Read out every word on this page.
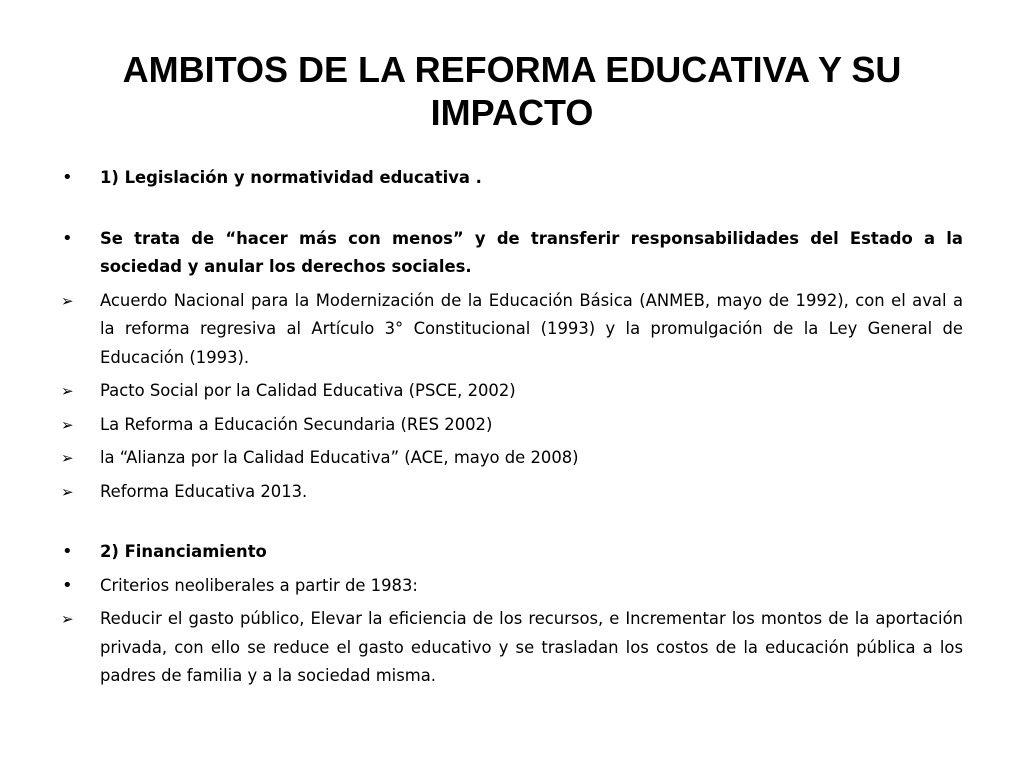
AMBITOS DE LA REFORMA EDUCATIVA Y SU IMPACTO
•	1) Legislación y normatividad educativa .
•	Se trata de “hacer más con menos” y de transferir responsabilidades del Estado a la sociedad y anular los derechos sociales.
➢	Acuerdo Nacional para la Modernización de la Educación Básica (ANMEB, mayo de 1992), con el aval a la reforma regresiva al Artículo 3° Constitucional (1993) y la promulgación de la Ley General de Educación (1993).
➢	Pacto Social por la Calidad Educativa (PSCE, 2002)
➢	La Reforma a Educación Secundaria (RES 2002)
➢	la “Alianza por la Calidad Educativa” (ACE, mayo de 2008)
➢	Reforma Educativa 2013.
•	2) Financiamiento
•	Criterios neoliberales a partir de 1983:
➢	Reducir el gasto público, Elevar la eficiencia de los recursos, e Incrementar los montos de la aportación privada, con ello se reduce el gasto educativo y se trasladan los costos de la educación pública a los padres de familia y a la sociedad misma.
